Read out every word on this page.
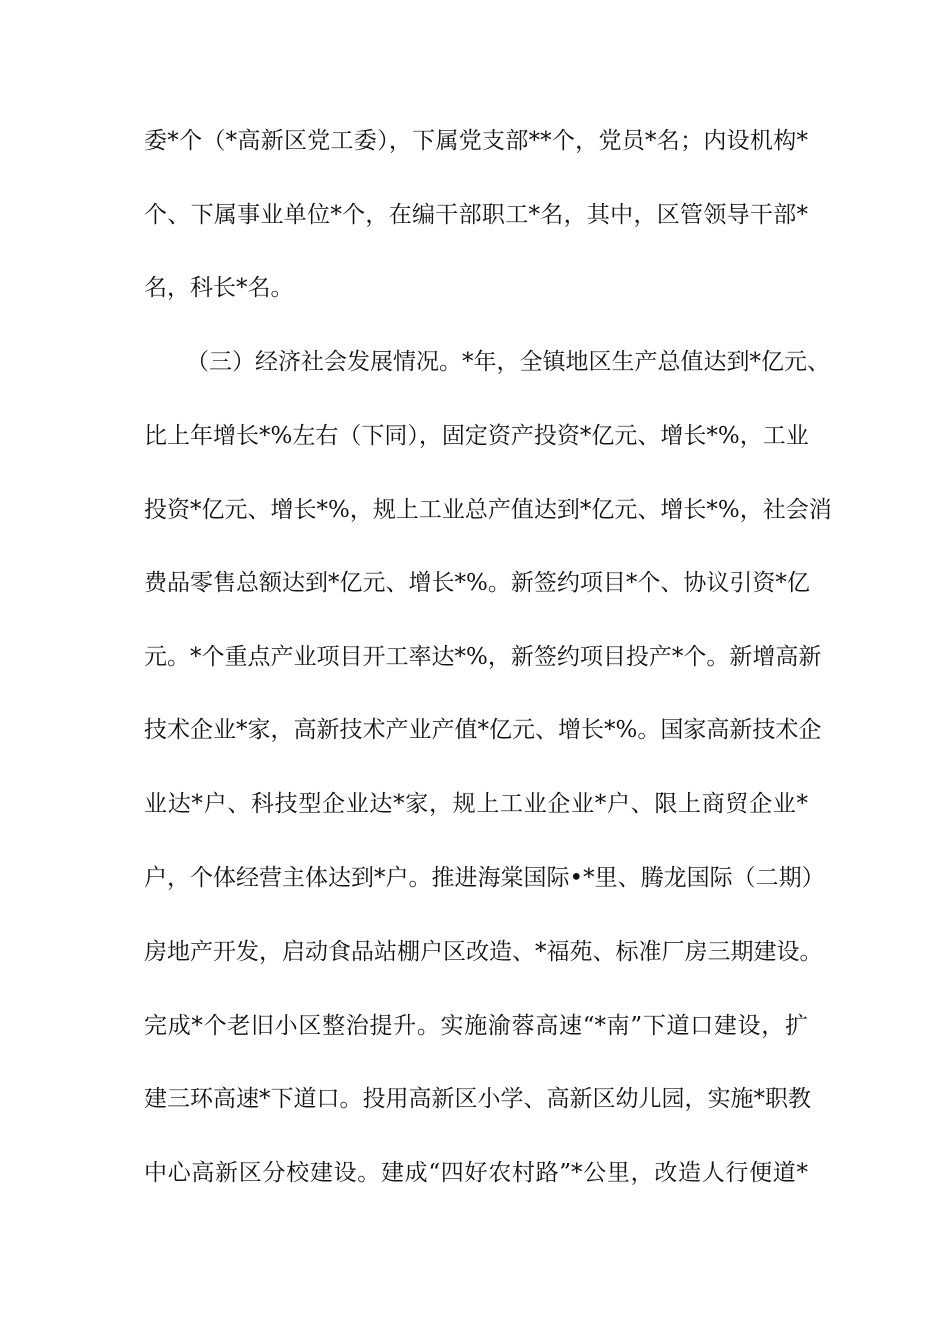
委*个（*高新区党工委），下属党支部**个，党员*名；内设机构*
个、下属事业单位*个，在编干部职工*名，其中，区管领导干部*
名，科长*名。
（三）经济社会发展情况。*年，全镇地区生产总值达到*亿元、
比上年增长*%左右（下同），固定资产投资*亿元、增长*%，工业
投资*亿元、增长*%，规上工业总产值达到*亿元、增长*%，社会消
费品零售总额达到*亿元、增长*%。新签约项目*个、协议引资*亿
元。*个重点产业项目开工率达*%，新签约项目投产*个。新增高新
技术企业*家，高新技术产业产值*亿元、增长*%。国家高新技术企
业达*户、科技型企业达*家，规上工业企业*户、限上商贸企业*
户，个体经营主体达到*户。推进海棠国际•*里、腾龙国际（二期）
房地产开发，启动食品站棚户区改造、*福苑、标准厂房三期建设。
完成*个老旧小区整治提升。实施渝蓉高速“*南”下道口建设，扩
建三环高速*下道口。投用高新区小学、高新区幼儿园，实施*职教
中心高新区分校建设。建成“四好农村路”*公里，改造人行便道*
